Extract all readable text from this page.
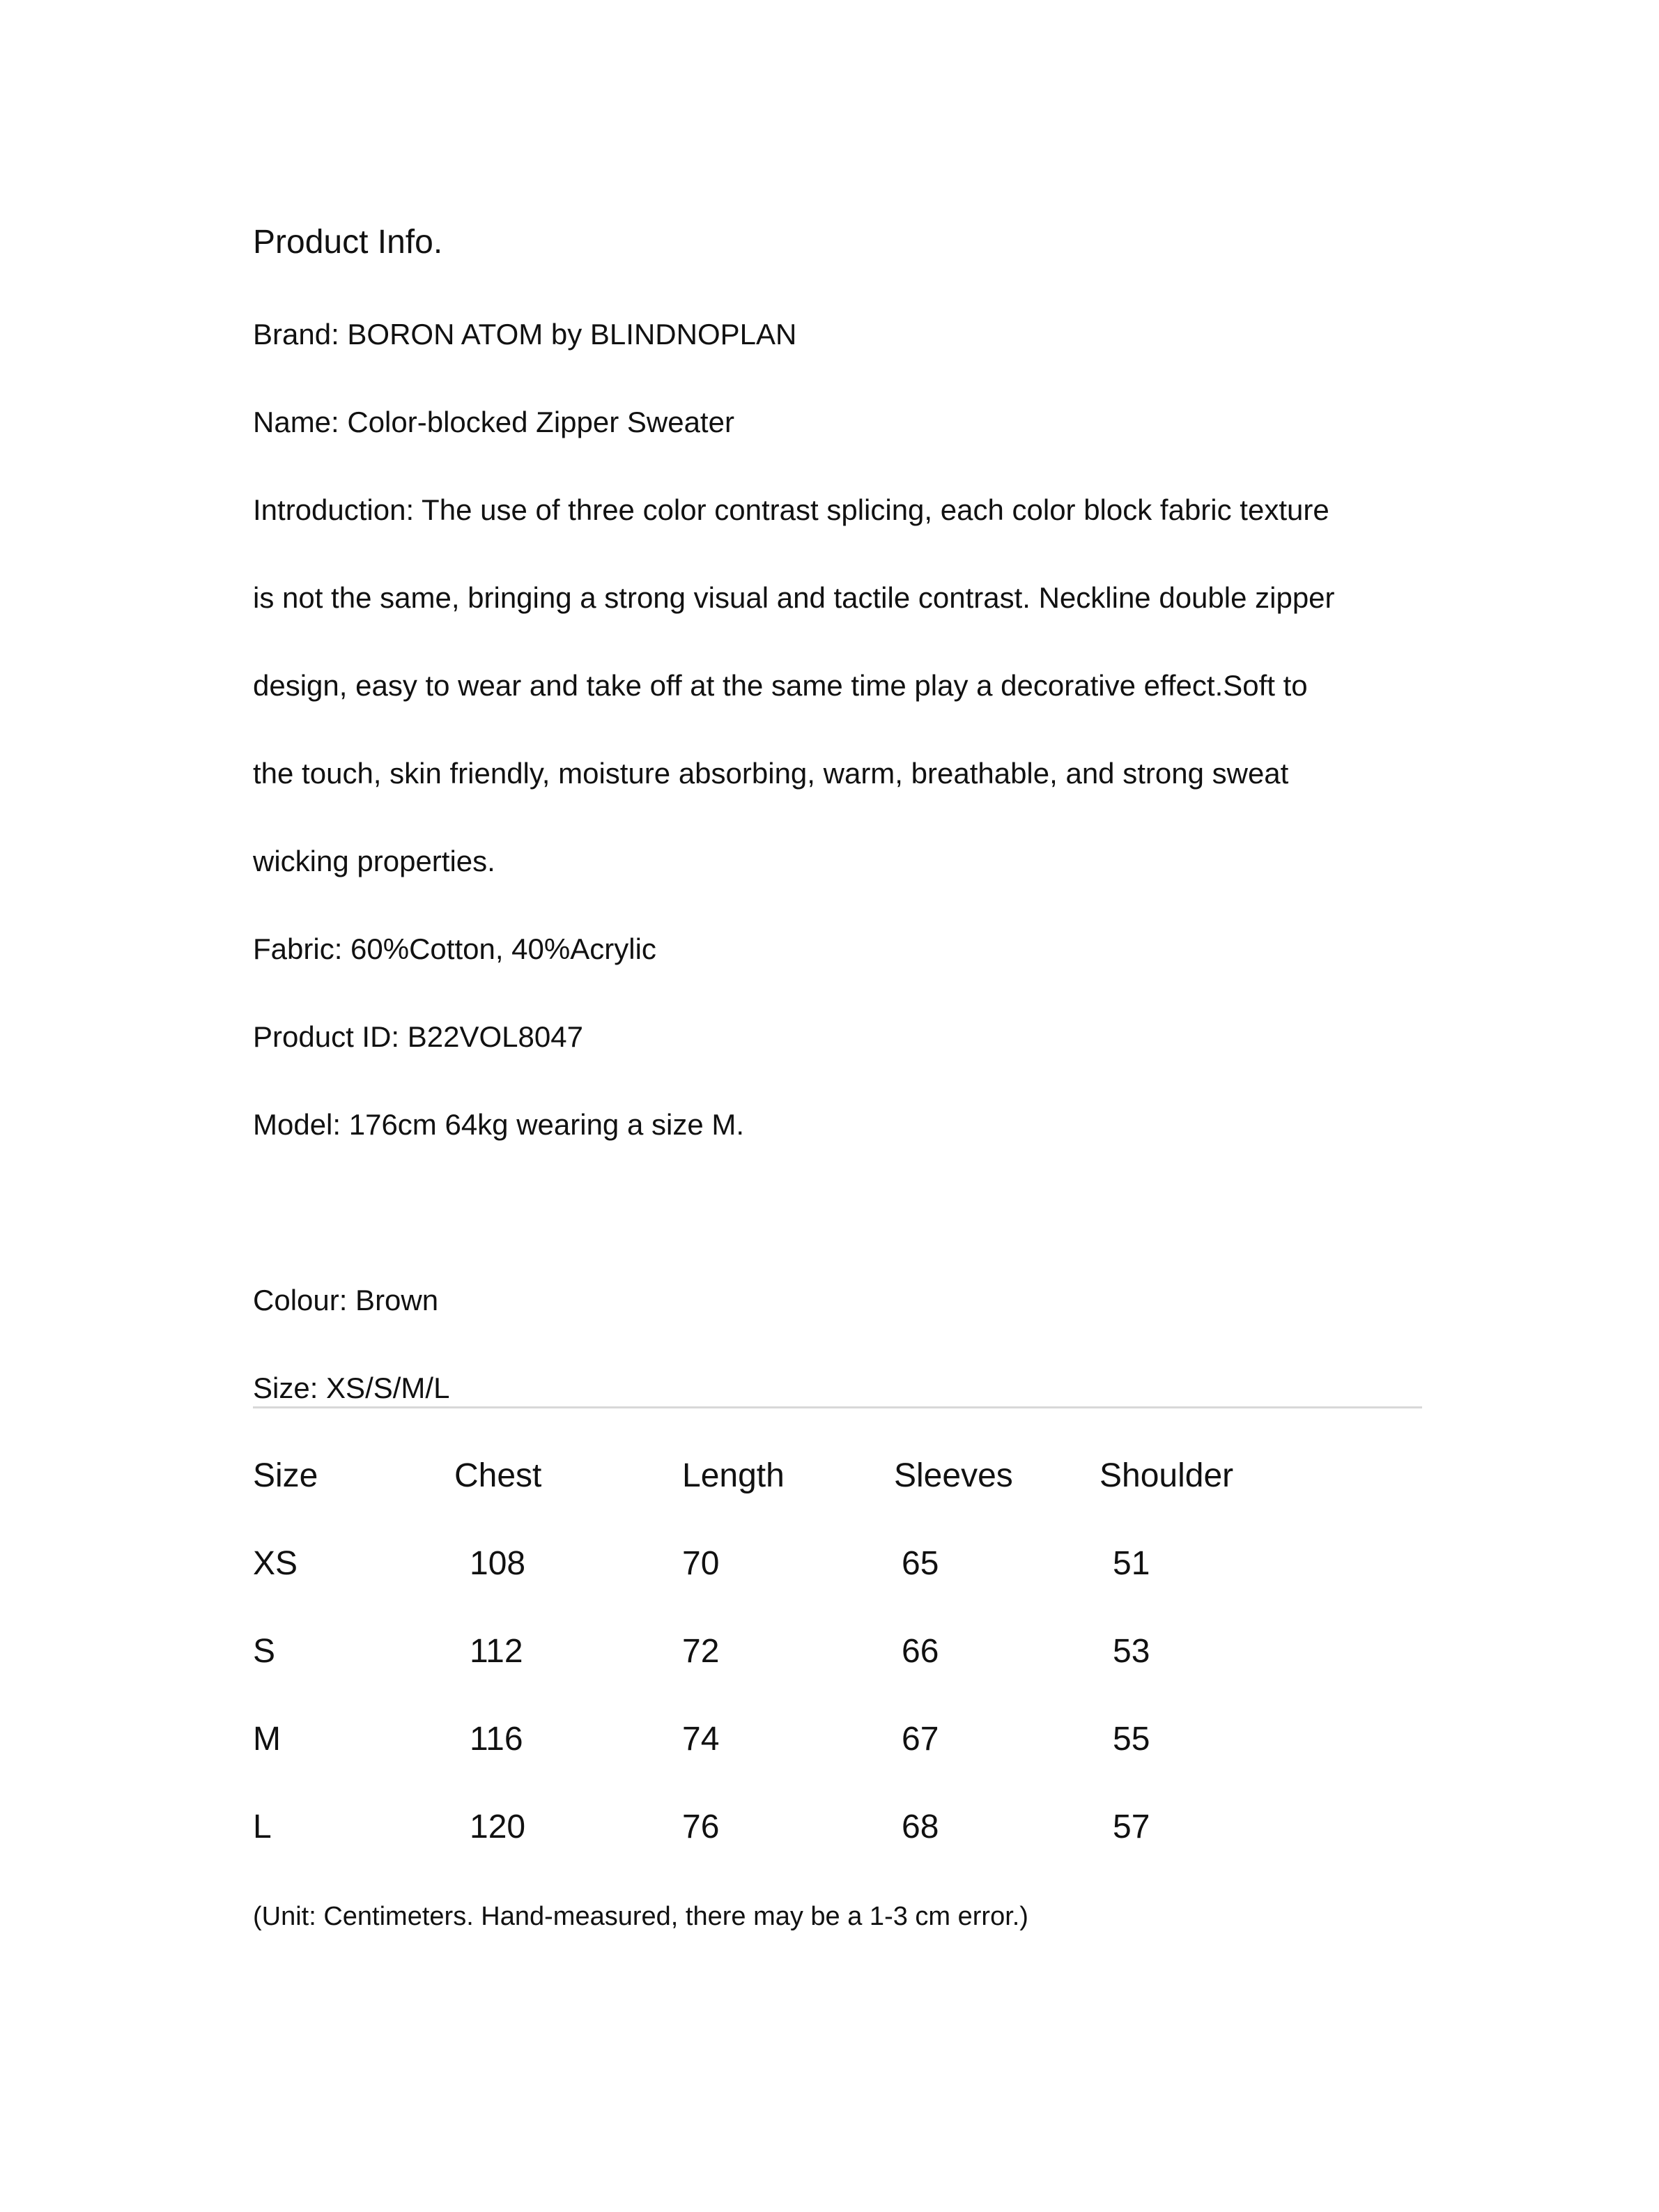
Product Info.
Brand: BORON ATOM by BLINDNOPLAN
Name: Color-blocked Zipper Sweater
Introduction: The use of three color contrast splicing, each color block fabric texture
is not the same, bringing a strong visual and tactile contrast. Neckline double zipper
design, easy to wear and take off at the same time play a decorative effect.Soft to
the touch, skin friendly, moisture absorbing, warm, breathable, and strong sweat
wicking properties.
Fabric: 60%Cotton, 40%Acrylic
Product ID: B22VOL8047
Model: 176cm 64kg wearing a size M.
Colour: Brown
Size: XS/S/M/L
Size	Chest	Length	Sleeves	Shoulder
XS	108	70	65	51
S	112	72	66	53
M	116	74	67	55
L	120	76	68	57
(Unit: Centimeters. Hand-measured, there may be a 1-3 cm error.)
